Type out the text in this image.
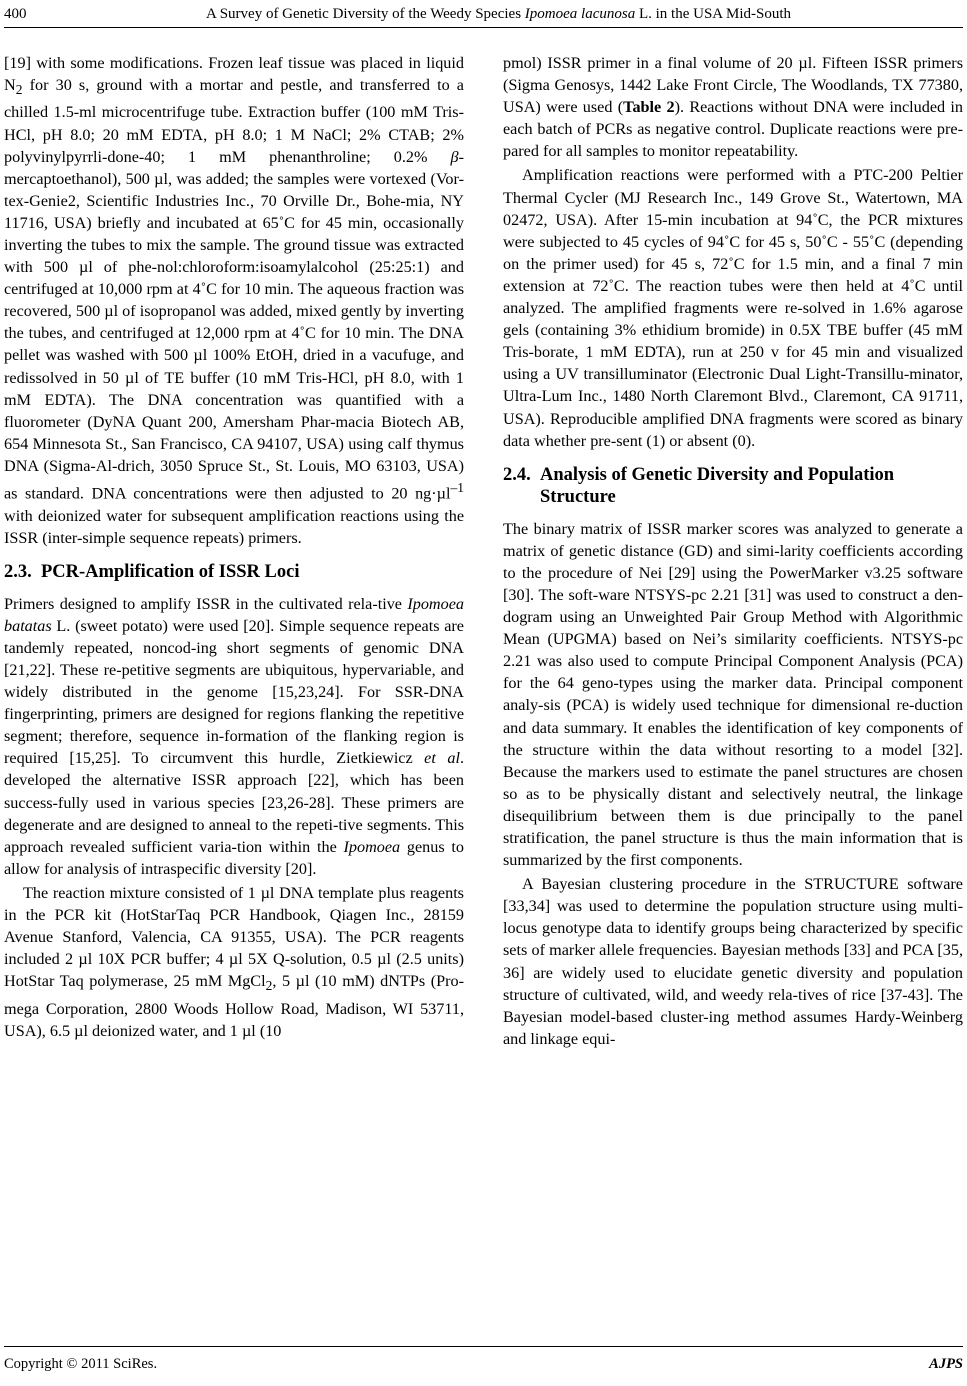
400	A Survey of Genetic Diversity of the Weedy Species Ipomoea lacunosa L. in the USA Mid-South

[19] with some modifications. Frozen leaf tissue was placed in liquid $N_2$ for 30 s, ground with a mortar and pestle, and transferred to a chilled 1.5-ml microcentrifuge tube. Extraction buffer (100 mM Tris-HCl, pH 8.0; 20 mM EDTA, pH 8.0; 1 M NaCl; 2% CTAB; 2% polyvinylpyrrli-done-40; 1 mM phenanthroline; 0.2% β-mercaptoethanol), 500 µl, was added; the samples were vortexed (Vor-tex-Genie2, Scientific Industries Inc., 70 Orville Dr., Bohe-mia, NY 11716, USA) briefly and incubated at 65˚C for 45 min, occasionally inverting the tubes to mix the sample. The ground tissue was extracted with 500 µl of phe-nol:chloroform:isoamylalcohol (25:25:1) and centrifuged at 10,000 rpm at 4˚C for 10 min. The aqueous fraction was recovered, 500 µl of isopropanol was added, mixed gently by inverting the tubes, and centrifuged at 12,000 rpm at 4˚C for 10 min. The DNA pellet was washed with 500 µl 100% EtOH, dried in a vacufuge, and redissolved in 50 µl of TE buffer (10 mM Tris-HCl, pH 8.0, with 1 mM EDTA). The DNA concentration was quantified with a fluorometer (DyNA Quant 200, Amersham Phar-macia Biotech AB, 654 Minnesota St., San Francisco, CA 94107, USA) using calf thymus DNA (Sigma-Al-drich, 3050 Spruce St., St. Louis, MO 63103, USA) as standard. DNA concentrations were then adjusted to 20 ng·µl$^{-1}$ with deionized water for subsequent amplification reactions using the ISSR (inter-simple sequence repeats) primers.

2.3. PCR-Amplification of ISSR Loci

Primers designed to amplify ISSR in the cultivated rela-tive Ipomoea batatas L. (sweet potato) were used [20]. Simple sequence repeats are tandemly repeated, noncod-ing short segments of genomic DNA [21,22]. These re-petitive segments are ubiquitous, hypervariable, and widely distributed in the genome [15,23,24]. For SSR-DNA fingerprinting, primers are designed for regions flanking the repetitive segment; therefore, sequence in-formation of the flanking region is required [15,25]. To circumvent this hurdle, Zietkiewicz et al. developed the alternative ISSR approach [22], which has been success-fully used in various species [23,26-28]. These primers are degenerate and are designed to anneal to the repeti-tive segments. This approach revealed sufficient varia-tion within the Ipomoea genus to allow for analysis of intraspecific diversity [20].

The reaction mixture consisted of 1 µl DNA template plus reagents in the PCR kit (HotStarTaq PCR Handbook, Qiagen Inc., 28159 Avenue Stanford, Valencia, CA 91355, USA). The PCR reagents included 2 µl 10X PCR buffer; 4 µl 5X Q-solution, 0.5 µl (2.5 units) HotStar Taq polymerase, 25 mM MgCl$_2$, 5 µl (10 mM) dNTPs (Pro-mega Corporation, 2800 Woods Hollow Road, Madison, WI 53711, USA), 6.5 µl deionized water, and 1 µl (10

pmol) ISSR primer in a final volume of 20 µl. Fifteen ISSR primers (Sigma Genosys, 1442 Lake Front Circle, The Woodlands, TX 77380, USA) were used (Table 2). Reactions without DNA were included in each batch of PCRs as negative control. Duplicate reactions were pre-pared for all samples to monitor repeatability.

Amplification reactions were performed with a PTC-200 Peltier Thermal Cycler (MJ Research Inc., 149 Grove St., Watertown, MA 02472, USA). After 15-min incubation at 94˚C, the PCR mixtures were subjected to 45 cycles of 94˚C for 45 s, 50˚C - 55˚C (depending on the primer used) for 45 s, 72˚C for 1.5 min, and a final 7 min extension at 72˚C. The reaction tubes were then held at 4˚C until analyzed. The amplified fragments were re-solved in 1.6% agarose gels (containing 3% ethidium bromide) in 0.5X TBE buffer (45 mM Tris-borate, 1 mM EDTA), run at 250 v for 45 min and visualized using a UV transilluminator (Electronic Dual Light-Transillu-minator, Ultra-Lum Inc., 1480 North Claremont Blvd., Claremont, CA 91711, USA). Reproducible amplified DNA fragments were scored as binary data whether pre-sent (1) or absent (0).

2.4. Analysis of Genetic Diversity and Population
Structure

The binary matrix of ISSR marker scores was analyzed to generate a matrix of genetic distance (GD) and simi-larity coefficients according to the procedure of Nei [29] using the PowerMarker v3.25 software [30]. The soft-ware NTSYS-pc 2.21 [31] was used to construct a den-dogram using an Unweighted Pair Group Method with Algorithmic Mean (UPGMA) based on Nei’s similarity coefficients. NTSYS-pc 2.21 was also used to compute Principal Component Analysis (PCA) for the 64 geno-types using the marker data. Principal component analy-sis (PCA) is widely used technique for dimensional re-duction and data summary. It enables the identification of key components of the structure within the data without resorting to a model [32]. Because the markers used to estimate the panel structures are chosen so as to be physically distant and selectively neutral, the linkage disequilibrium between them is due principally to the panel stratification, the panel structure is thus the main information that is summarized by the first components.

A Bayesian clustering procedure in the STRUCTURE software [33,34] was used to determine the population structure using multi-locus genotype data to identify groups being characterized by specific sets of marker allele frequencies. Bayesian methods [33] and PCA [35, 36] are widely used to elucidate genetic diversity and population structure of cultivated, wild, and weedy rela-tives of rice [37-43]. The Bayesian model-based cluster-ing method assumes Hardy-Weinberg and linkage equi-

Copyright © 2011 SciRes.	AJPS
